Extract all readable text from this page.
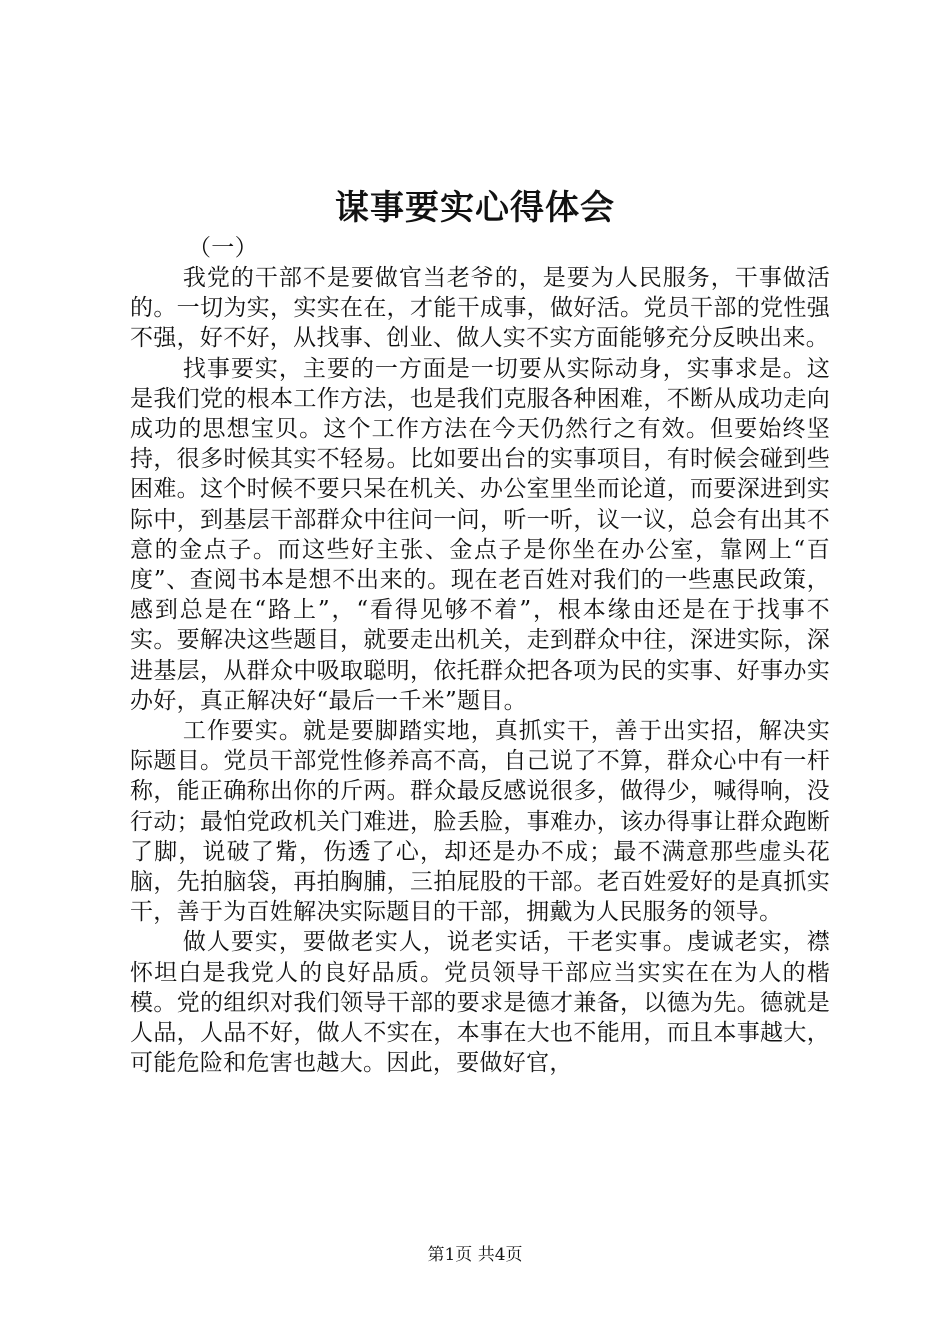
谋事要实心得体会
（一）

我党的干部不是要做官当老爷的，是要为人民服务，干事做活的。一切为实，实实在在，才能干成事，做好活。党员干部的党性强不强，好不好，从找事、创业、做人实不实方面能够充分反映出来。

找事要实，主要的一方面是一切要从实际动身，实事求是。这是我们党的根本工作方法，也是我们克服各种困难，不断从成功走向成功的思想宝贝。这个工作方法在今天仍然行之有效。但要始终坚持，很多时候其实不轻易。比如要出台的实事项目，有时候会碰到些困难。这个时候不要只呆在机关、办公室里坐而论道，而要深进到实际中，到基层干部群众中往问一问，听一听，议一议，总会有出其不意的金点子。而这些好主张、金点子是你坐在办公室，靠网上“百度”、查阅书本是想不出来的。现在老百姓对我们的一些惠民政策，感到总是在“路上”，“看得见够不着”，根本缘由还是在于找事不实。要解决这些题目，就要走出机关，走到群众中往，深进实际，深进基层，从群众中吸取聪明，依托群众把各项为民的实事、好事办实办好，真正解决好“最后一千米”题目。

工作要实。就是要脚踏实地，真抓实干，善于出实招，解决实际题目。党员干部党性修养高不高，自己说了不算，群众心中有一杆称，能正确称出你的斤两。群众最反感说很多，做得少，喊得响，没行动；最怕党政机关门难进，脸丢脸，事难办，该办得事让群众跑断了脚，说破了觜，伤透了心，却还是办不成；最不满意那些虚头花脑，先拍脑袋，再拍胸脯，三拍屁股的干部。老百姓爱好的是真抓实干，善于为百姓解决实际题目的干部，拥戴为人民服务的领导。

做人要实，要做老实人，说老实话，干老实事。虔诚老实，襟怀坦白是我党人的良好品质。党员领导干部应当实实在在为人的楷模。党的组织对我们领导干部的要求是德才兼备，以德为先。德就是人品，人品不好，做人不实在，本事在大也不能用，而且本事越大，可能危险和危害也越大。因此，要做好官，

第1页 共4页
